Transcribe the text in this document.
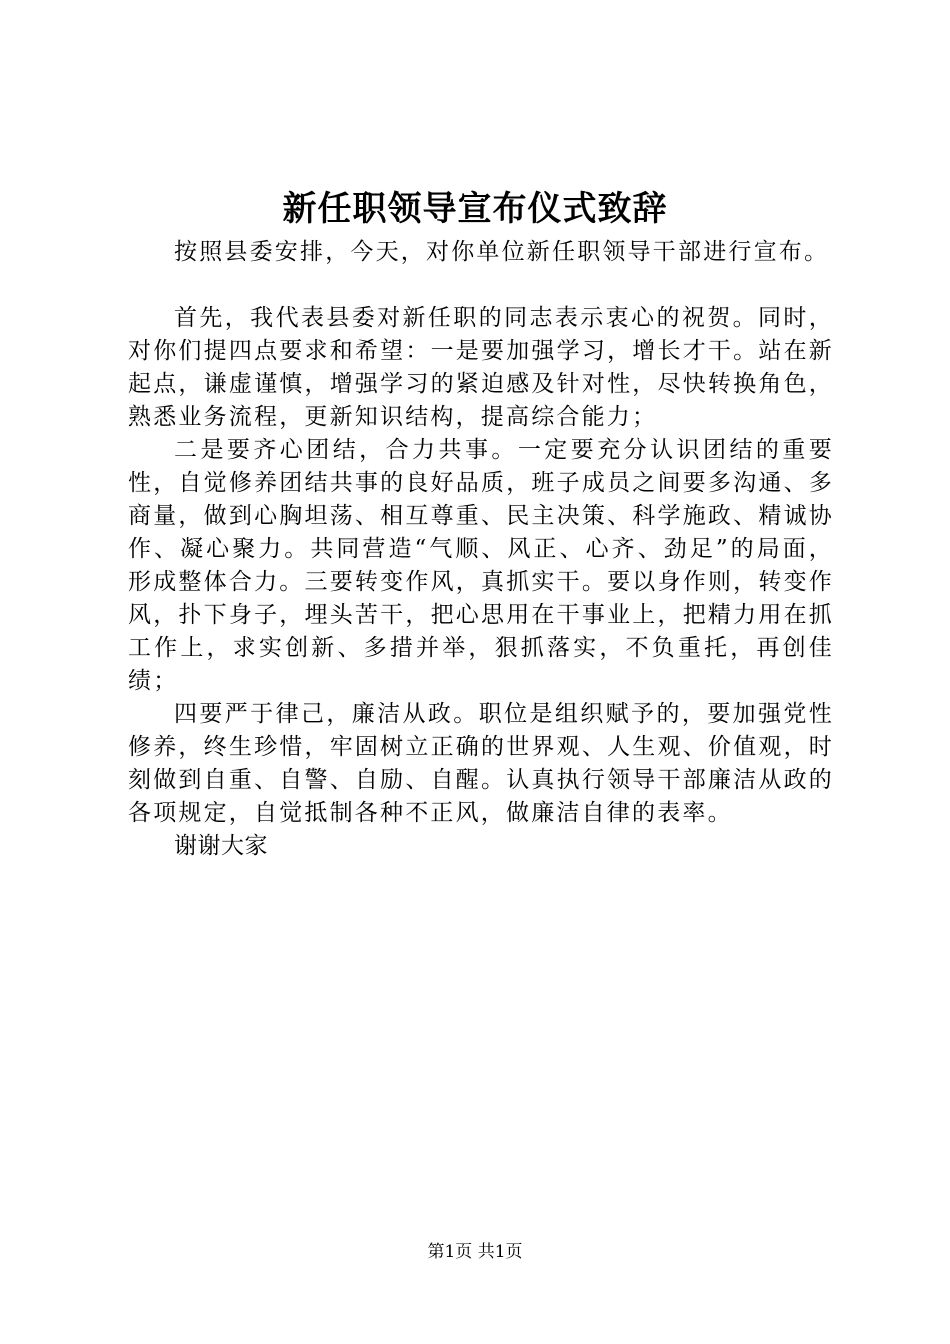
新任职领导宣布仪式致辞

按照县委安排，今天，对你单位新任职领导干部进行宣布。

首先，我代表县委对新任职的同志表示衷心的祝贺。同时，对你们提四点要求和希望：一是要加强学习，增长才干。站在新起点，谦虚谨慎，增强学习的紧迫感及针对性，尽快转换角色，熟悉业务流程，更新知识结构，提高综合能力；

二是要齐心团结，合力共事。一定要充分认识团结的重要性，自觉修养团结共事的良好品质，班子成员之间要多沟通、多商量，做到心胸坦荡、相互尊重、民主决策、科学施政、精诚协作、凝心聚力。共同营造“气顺、风正、心齐、劲足”的局面，形成整体合力。三要转变作风，真抓实干。要以身作则，转变作风，扑下身子，埋头苦干，把心思用在干事业上，把精力用在抓工作上，求实创新、多措并举，狠抓落实，不负重托，再创佳绩；

四要严于律己，廉洁从政。职位是组织赋予的，要加强党性修养，终生珍惜，牢固树立正确的世界观、人生观、价值观，时刻做到自重、自警、自励、自醒。认真执行领导干部廉洁从政的各项规定，自觉抵制各种不正风，做廉洁自律的表率。

谢谢大家

第1页 共1页
